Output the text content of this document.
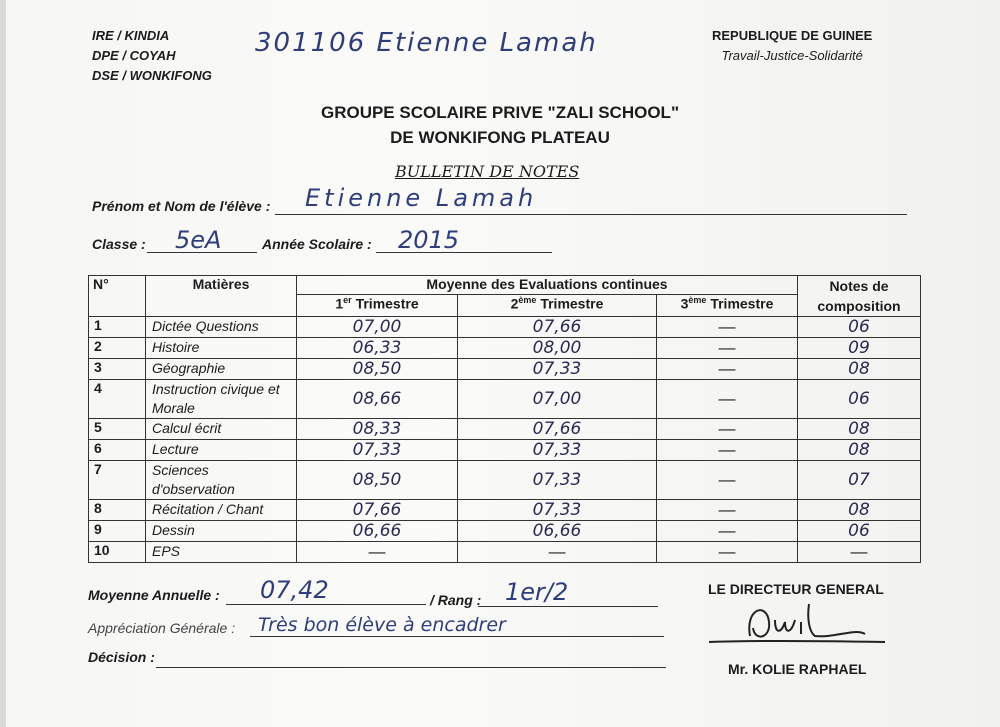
IRE / KINDIA
DPE / COYAH
DSE / WONKIFONG
301106 Etienne Lamah	REPUBLIQUE DE GUINEE
Travail-Justice-Solidarité
GROUPE SCOLAIRE PRIVE "ZALI SCHOOL"
DE WONKIFONG PLATEAU
BULLETIN DE NOTES
Prénom et Nom de l'élève : Etienne Lamah
Classe : 5eA	Année Scolaire : 2015
N°	Matières	Moyenne des Evaluations continues			Notes de composition
		1er Trimestre	2ème Trimestre	3ème Trimestre	
1	Dictée Questions	07,00	07,66	—	06
2	Histoire	06,33	08,00	—	09
3	Géographie	08,50	07,33	—	08
4	Instruction civique et Morale	08,66	07,00	—	06
5	Calcul écrit	08,33	07,66	—	08
6	Lecture	07,33	07,33	—	08
7	Sciences d'observation	08,50	07,33	—	07
8	Récitation / Chant	07,66	07,33	—	08
9	Dessin	06,66	06,66	—	06
10	EPS	—	—	—	—
Moyenne Annuelle : 07,42	/ Rang : 1er/2
Appréciation Générale : Très bon élève à encadrer
Décision :
LE DIRECTEUR GENERAL
Mr. KOLIE RAPHAEL
